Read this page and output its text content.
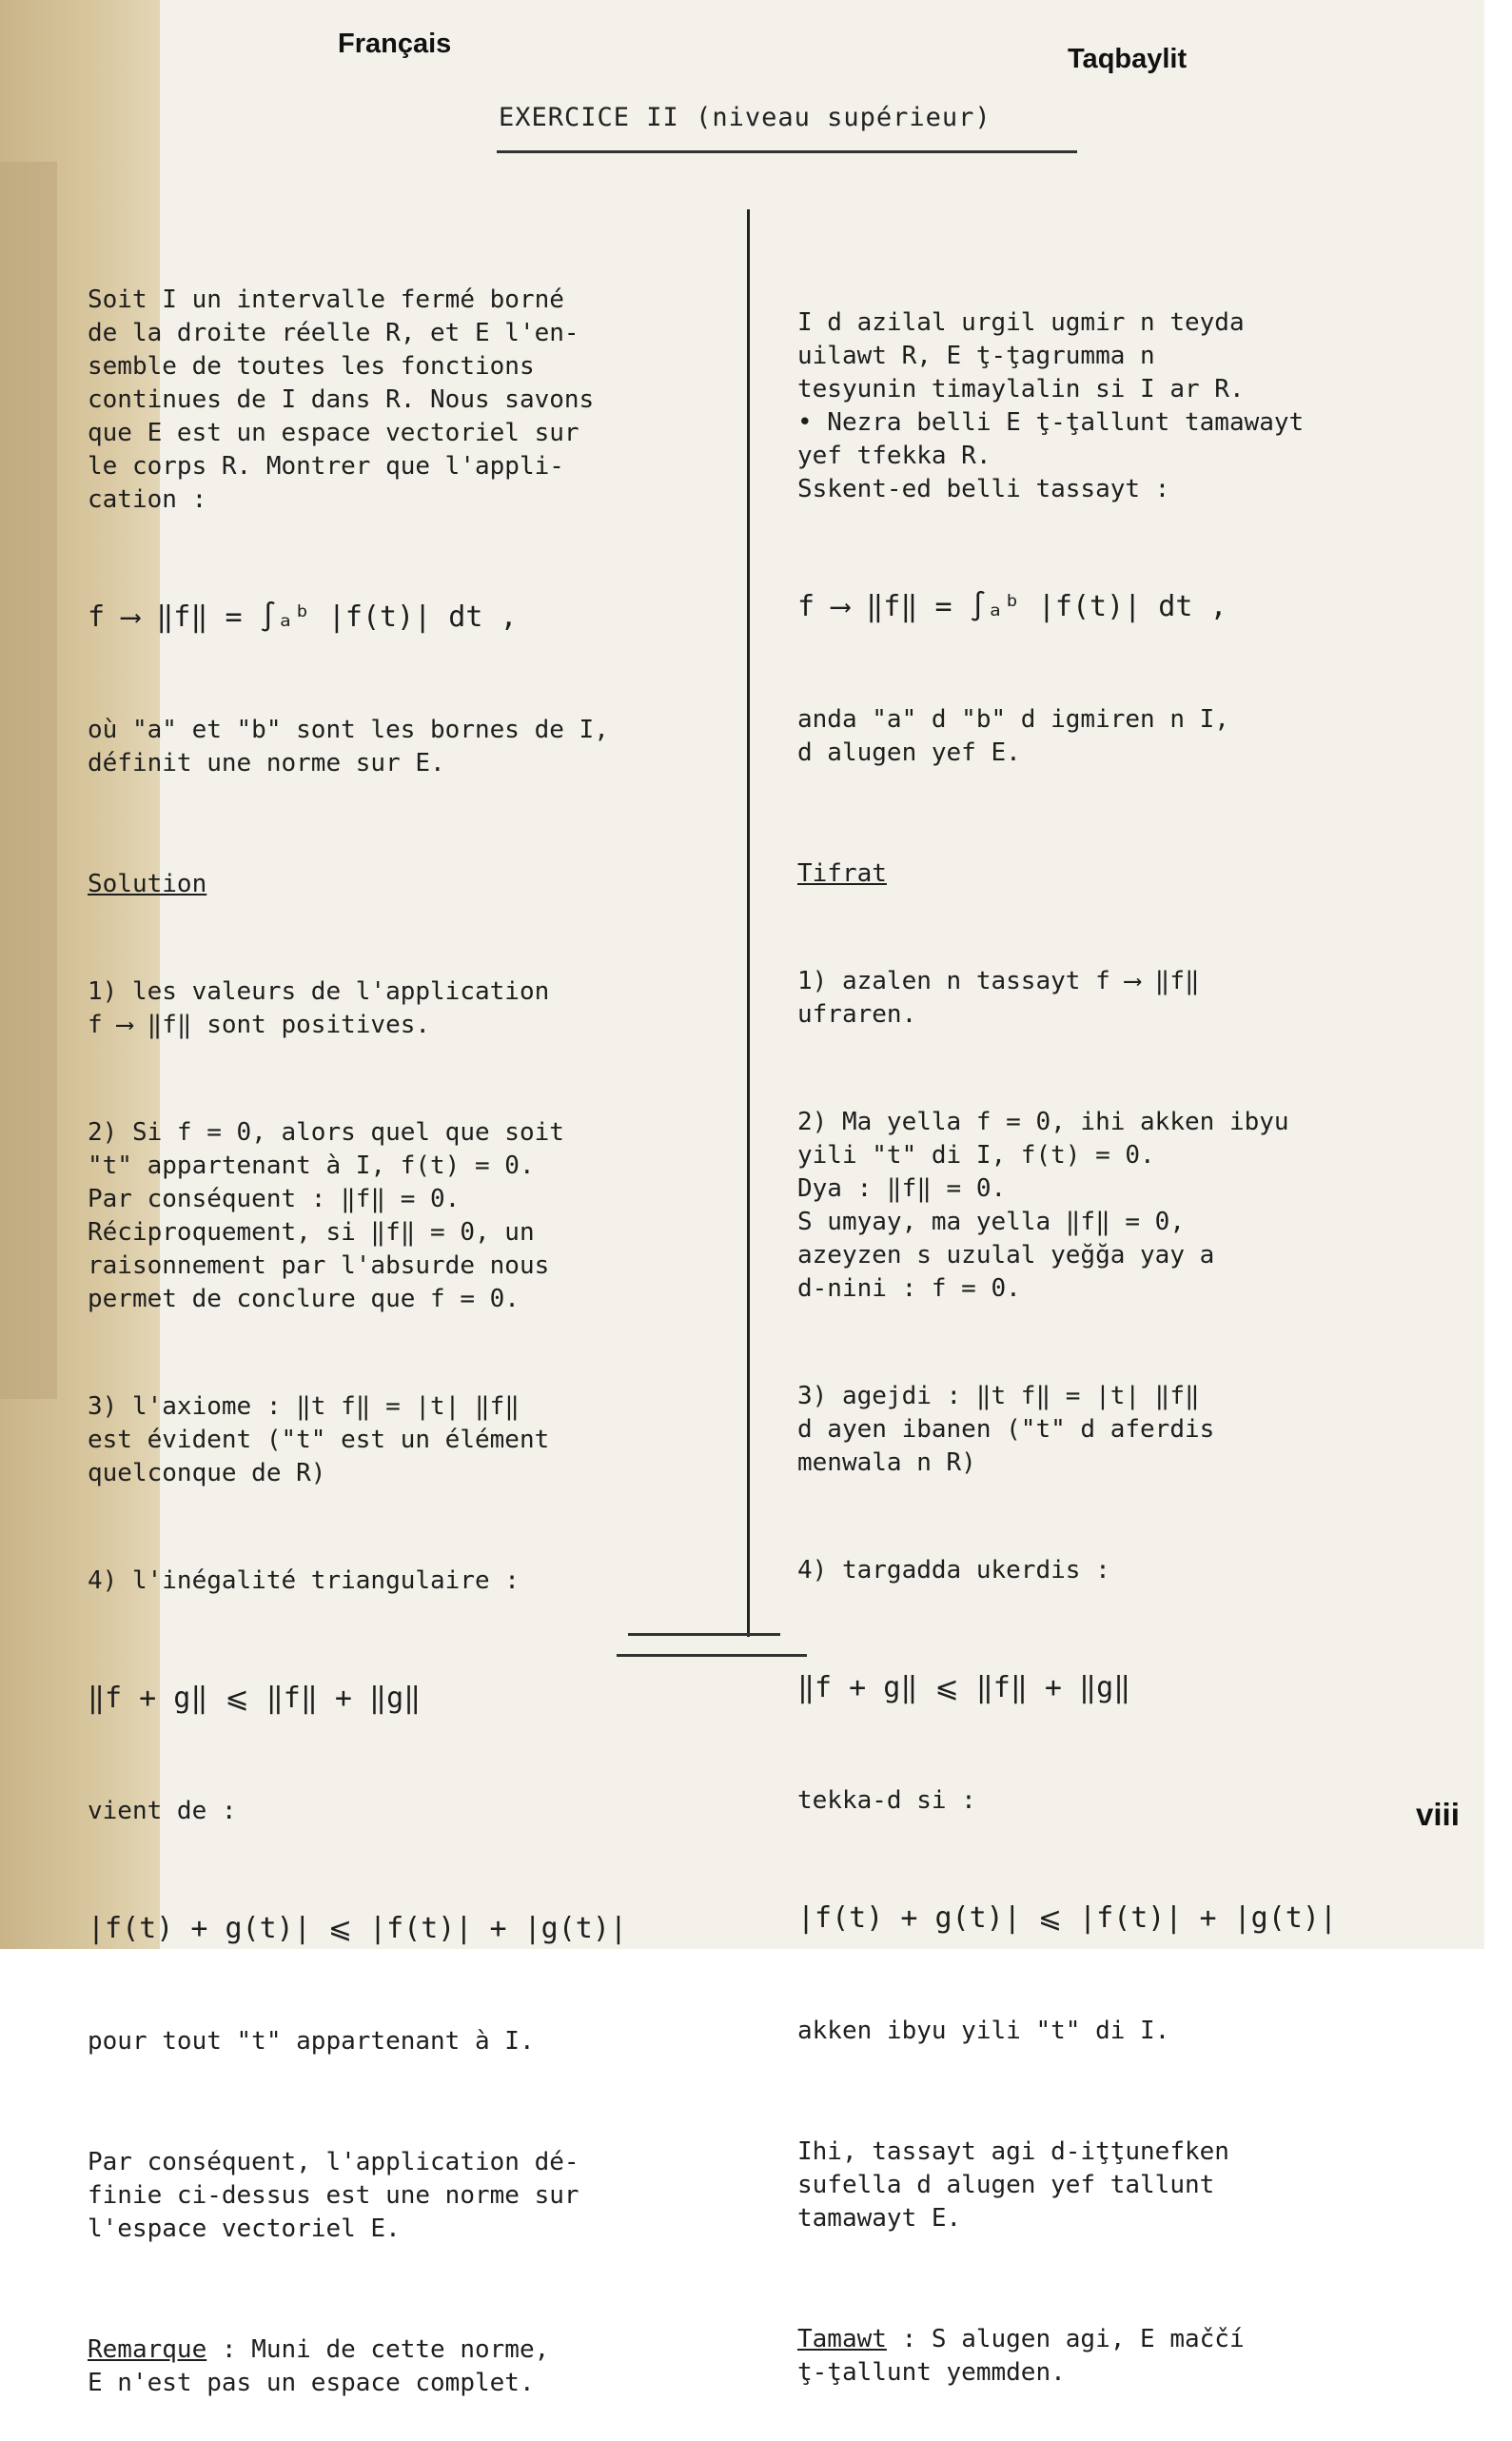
Français	Taqbaylit
viii
EXERCICE II (niveau supérieur)

Soit I un intervalle fermé borné
de la droite réelle R, et E l'en-
semble de toutes les fonctions
continues de I dans R. Nous savons
que E est un espace vectoriel sur
le corps R. Montrer que l'appli-
cation :

f ⟶ ‖f‖ = ∫ₐᵇ |f(t)| dt ,

où "a" et "b" sont les bornes de I,
définit une norme sur E.

Solution

1) les valeurs de l'application
f ⟶ ‖f‖ sont positives.

2) Si f = 0, alors quel que soit
"t" appartenant à I, f(t) = 0.
Par conséquent : ‖f‖ = 0.
Réciproquement, si ‖f‖ = 0, un
raisonnement par l'absurde nous
permet de conclure que f = 0.

3) l'axiome : ‖t f‖ = |t| ‖f‖
est évident ("t" est un élément
quelconque de R)

4) l'inégalité triangulaire :

‖f + g‖ ⩽ ‖f‖ + ‖g‖

vient de :

|f(t) + g(t)| ⩽ |f(t)| + |g(t)|

pour tout "t" appartenant à I.

Par conséquent, l'application dé-
finie ci-dessus est une norme sur
l'espace vectoriel E.

Remarque : Muni de cette norme,
E n'est pas un espace complet.

I d azilal urgil ugmir n teyda
uilawt R, E ţ-ţagrumma n
tesyunin timaylalin si I ar R.
• Nezra belli E ţ-ţallunt tamawayt
yef tfekka R.
Sskent-ed belli tassayt :

f ⟶ ‖f‖ = ∫ₐᵇ |f(t)| dt ,

anda "a" d "b" d igmiren n I,
d alugen yef E.

Tifrat

1) azalen n tassayt f ⟶ ‖f‖
ufraren.

2) Ma yella f = 0, ihi akken ibyu
yili "t" di I, f(t) = 0.
Dya : ‖f‖ = 0.
S umyay, ma yella ‖f‖ = 0,
azeyzen s uzulal yeğğa yay a
d-nini : f = 0.

3) agejdi : ‖t f‖ = |t| ‖f‖
d ayen ibanen ("t" d aferdis
menwala n R)

4) targadda ukerdis :

‖f + g‖ ⩽ ‖f‖ + ‖g‖

tekka-d si :

|f(t) + g(t)| ⩽ |f(t)| + |g(t)|

akken ibyu yili "t" di I.

Ihi, tassayt agi d-iţţunefken
sufella d alugen yef tallunt
tamawayt E.

Tamawt : S alugen agi, E maččí
ţ-ţallunt yemmden.
